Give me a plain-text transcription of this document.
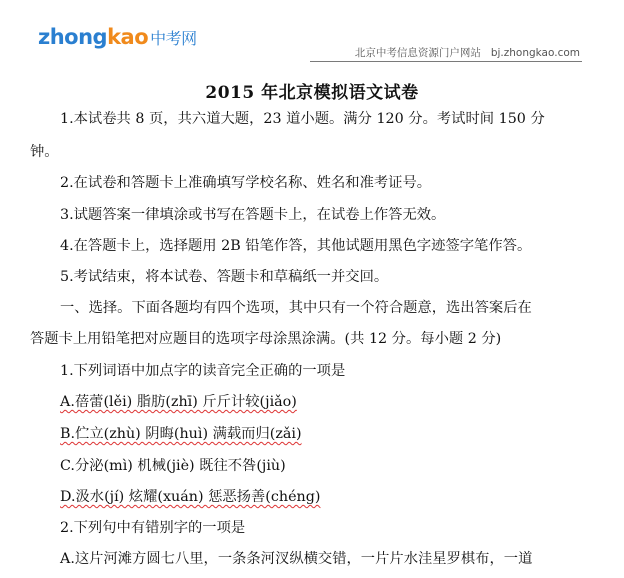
zhongkao 中考网
北京中考信息资源门户网站 bj.zhongkao.com
2015 年北京模拟语文试卷
1.本试卷共 8 页，共六道大题，23 道小题。满分 120 分。考试时间 150 分
钟。
2.在试卷和答题卡上准确填写学校名称、姓名和准考证号。
3.试题答案一律填涂或书写在答题卡上，在试卷上作答无效。
4.在答题卡上，选择题用 2B 铅笔作答，其他试题用黑色字迹签字笔作答。
5.考试结束，将本试卷、答题卡和草稿纸一并交回。
一、选择。下面各题均有四个选项，其中只有一个符合题意，选出答案后在
答题卡上用铅笔把对应题目的选项字母涂黑涂满。(共 12 分。每小题 2 分)
1.下列词语中加点字的读音完全正确的一项是
A.蓓蕾(lěi) 脂肪(zhī) 斤斤计较(jiǎo)
B.伫立(zhù) 阴晦(huì) 满载而归(zǎi)
C.分泌(mì) 机械(jiè) 既往不咎(jiù)
D.汲水(jí) 炫耀(xuán) 惩恶扬善(chéng)
2.下列句中有错别字的一项是
A.这片河滩方圆七八里，一条条河汊纵横交错，一片片水洼星罗棋布，一道
